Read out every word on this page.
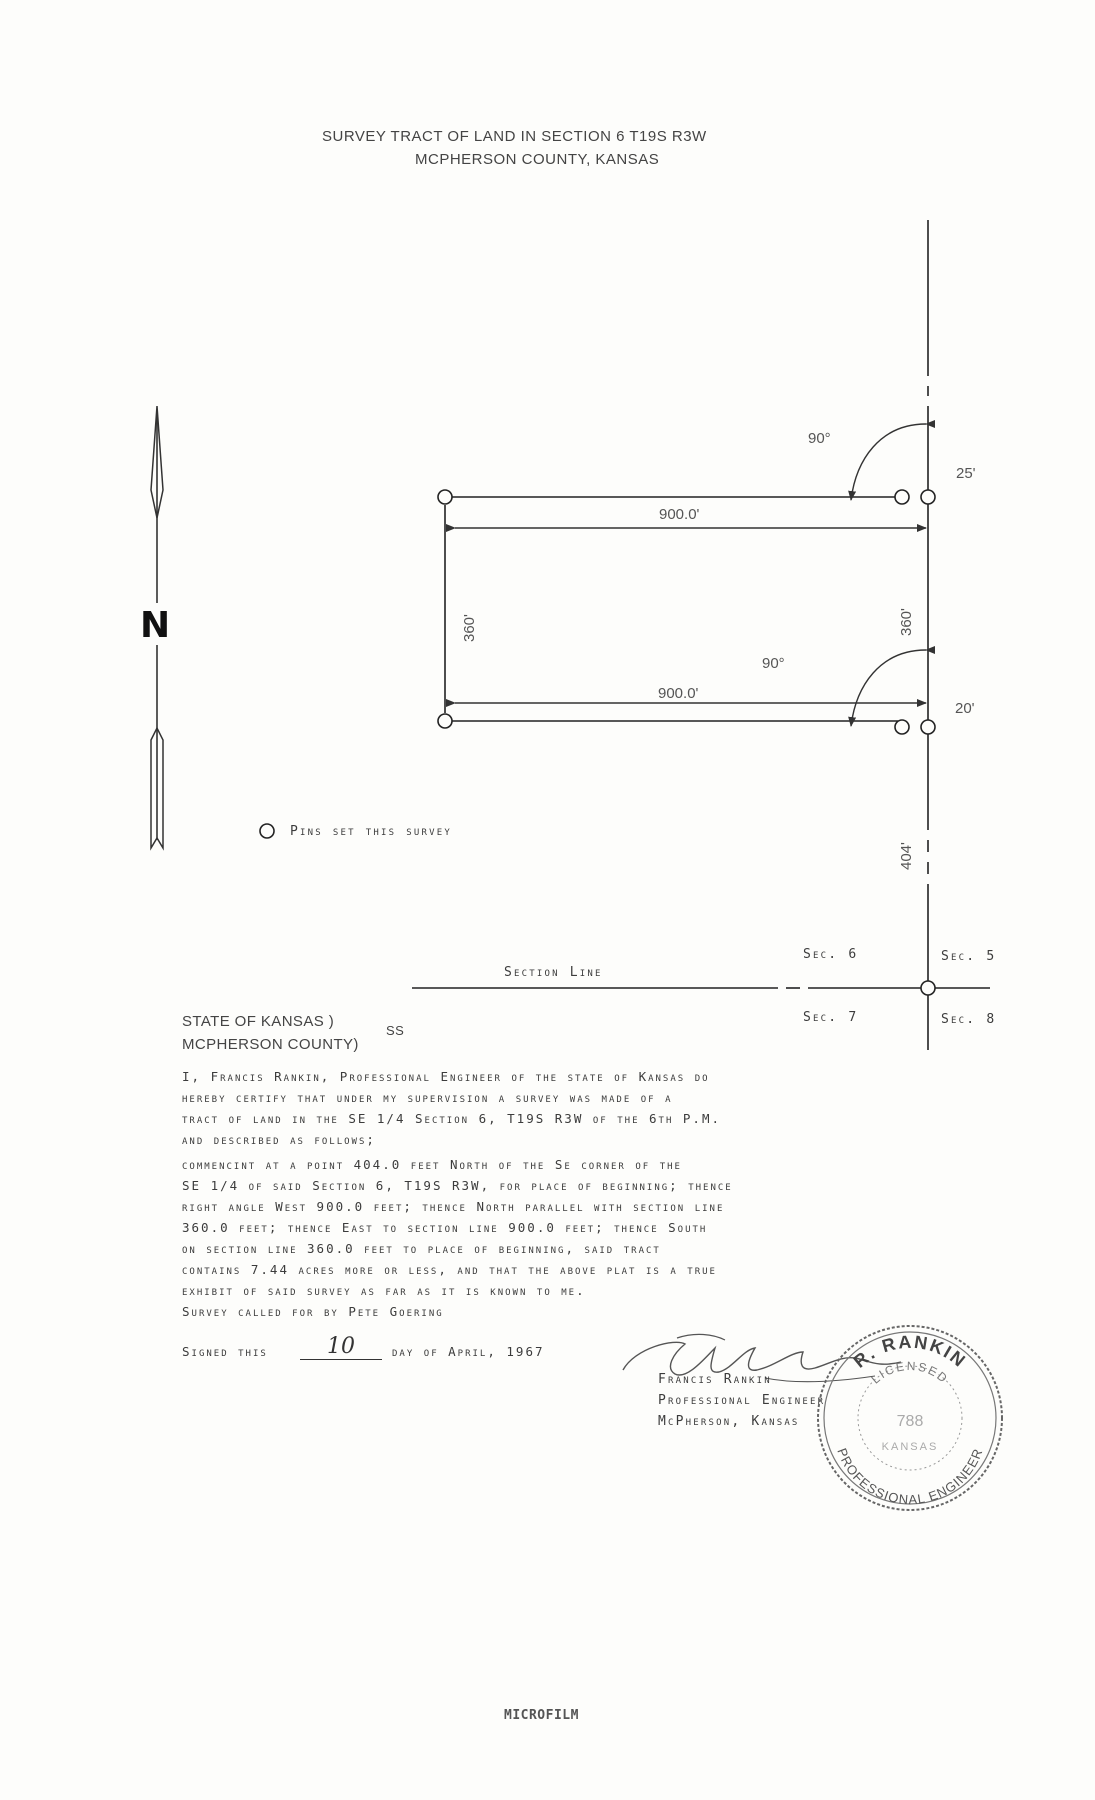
SURVEY TRACT OF LAND IN SECTION 6 T19S R3W
MCPHERSON COUNTY, KANSAS
360'	360'
404'
N
90°
90°
900.0'
900.0'
25'
20'
Pins set this survey
Section Line
Sec. 6	Sec. 5
Sec. 7	Sec. 8
STATE OF KANSAS )
MCPHERSON COUNTY)
SS
I, Francis Rankin, Professional Engineer of the state of Kansas do
hereby certify that under my supervision a survey was made of a
tract of land in the SE 1/4 Section 6, T19S R3W of the 6th P.M.
and described as follows;
commencint at a point 404.0 feet North of the Se corner of the
SE 1/4 of said Section 6, T19S R3W, for place of beginning; thence
right angle West 900.0 feet; thence North parallel with section line
360.0 feet; thence East to section line 900.0 feet; thence South
on section line 360.0 feet to place of beginning, said tract
contains 7.44 acres more or less, and that the above plat is a true
exhibit of said survey as far as it is known to me.
Survey called for by Pete Goering
Signed this	10	day of April, 1967
Francis Rankin
Professional Engineer
McPherson, Kansas
R. RANKIN
LICENSED
788
KANSAS
PROFESSIONAL ENGINEER
MICROFILM
